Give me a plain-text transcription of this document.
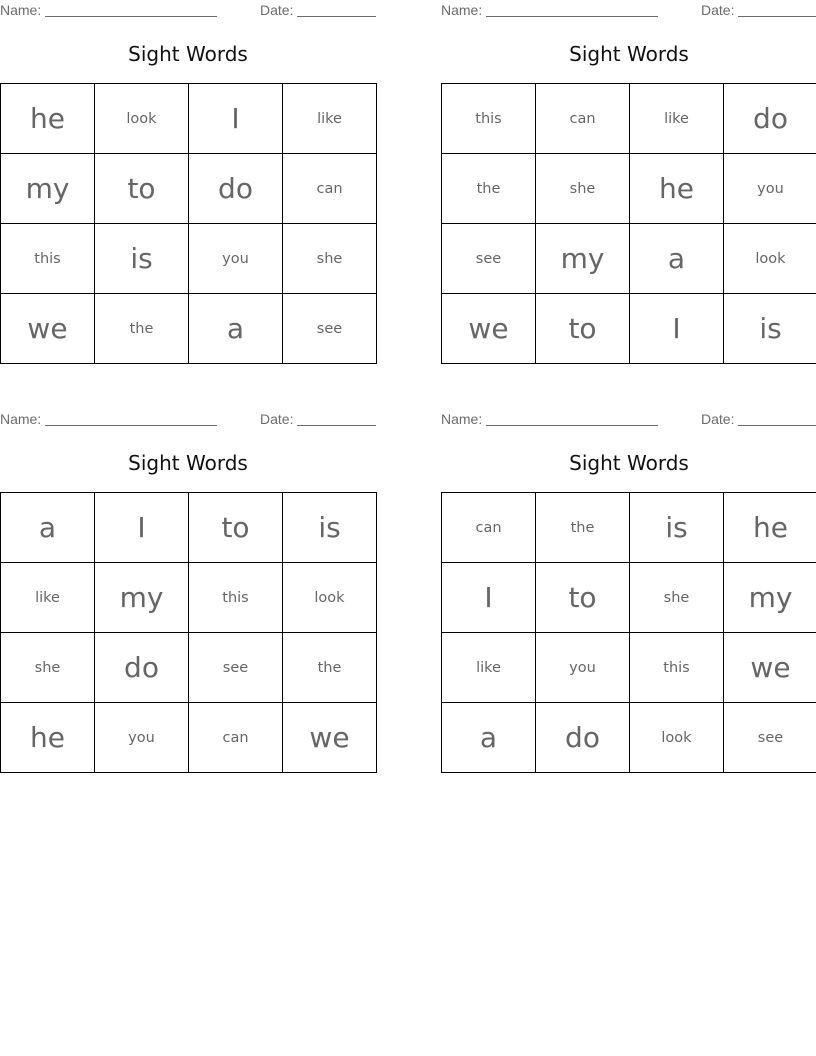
Name:	Date:
Sight Words
he	look	I	like
my	to	do	can
this	is	you	she
we	the	a	see
Name:	Date:
Sight Words
this	can	like	do
the	she	he	you
see	my	a	look
we	to	I	is
Name:	Date:
Sight Words
a	I	to	is
like	my	this	look
she	do	see	the
he	you	can	we
Name:	Date:
Sight Words
can	the	is	he
I	to	she	my
like	you	this	we
a	do	look	see
